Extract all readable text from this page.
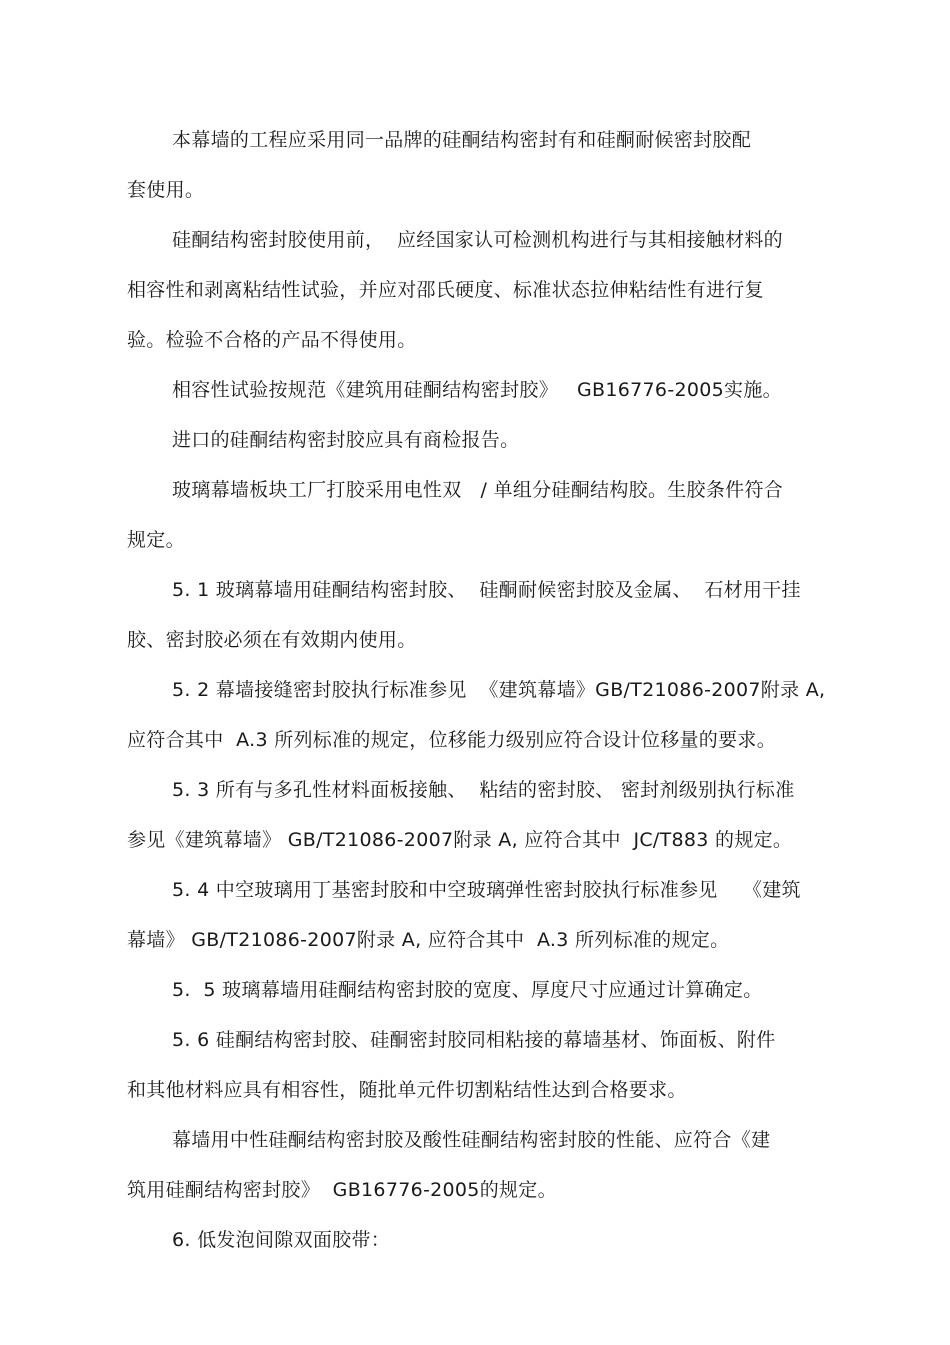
本幕墙的工程应采用同一品牌的硅酮结构密封有和硅酮耐候密封胶配
套使用。
硅酮结构密封胶使用前，  应经国家认可检测机构进行与其相接触材料的
相容性和剥离粘结性试验，并应对邵氏硬度、标准状态拉伸粘结性有进行复
验。检验不合格的产品不得使用。
相容性试验按规范《建筑用硅酮结构密封胶》   GB16776-2005实施。
进口的硅酮结构密封胶应具有商检报告。
玻璃幕墙板块工厂打胶采用电性双   / 单组分硅酮结构胶。生胶条件符合
规定。
5. 1 玻璃幕墙用硅酮结构密封胶、  硅酮耐候密封胶及金属、  石材用干挂
胶、密封胶必须在有效期内使用。
5. 2 幕墙接缝密封胶执行标准参见  《建筑幕墙》GB/T21086-2007附录 A,
应符合其中  A.3 所列标准的规定，位移能力级别应符合设计位移量的要求。
5. 3 所有与多孔性材料面板接触、  粘结的密封胶、 密封剂级别执行标准
参见《建筑幕墙》 GB/T21086-2007附录 A, 应符合其中  JC/T883 的规定。
5. 4 中空玻璃用丁基密封胶和中空玻璃弹性密封胶执行标准参见    《建筑
幕墙》 GB/T21086-2007附录 A, 应符合其中  A.3 所列标准的规定。
5.  5 玻璃幕墙用硅酮结构密封胶的宽度、厚度尺寸应通过计算确定。
5. 6 硅酮结构密封胶、硅酮密封胶同相粘接的幕墙基材、饰面板、附件
和其他材料应具有相容性，随批单元件切割粘结性达到合格要求。
幕墙用中性硅酮结构密封胶及酸性硅酮结构密封胶的性能、应符合《建
筑用硅酮结构密封胶》  GB16776-2005的规定。
6. 低发泡间隙双面胶带：
